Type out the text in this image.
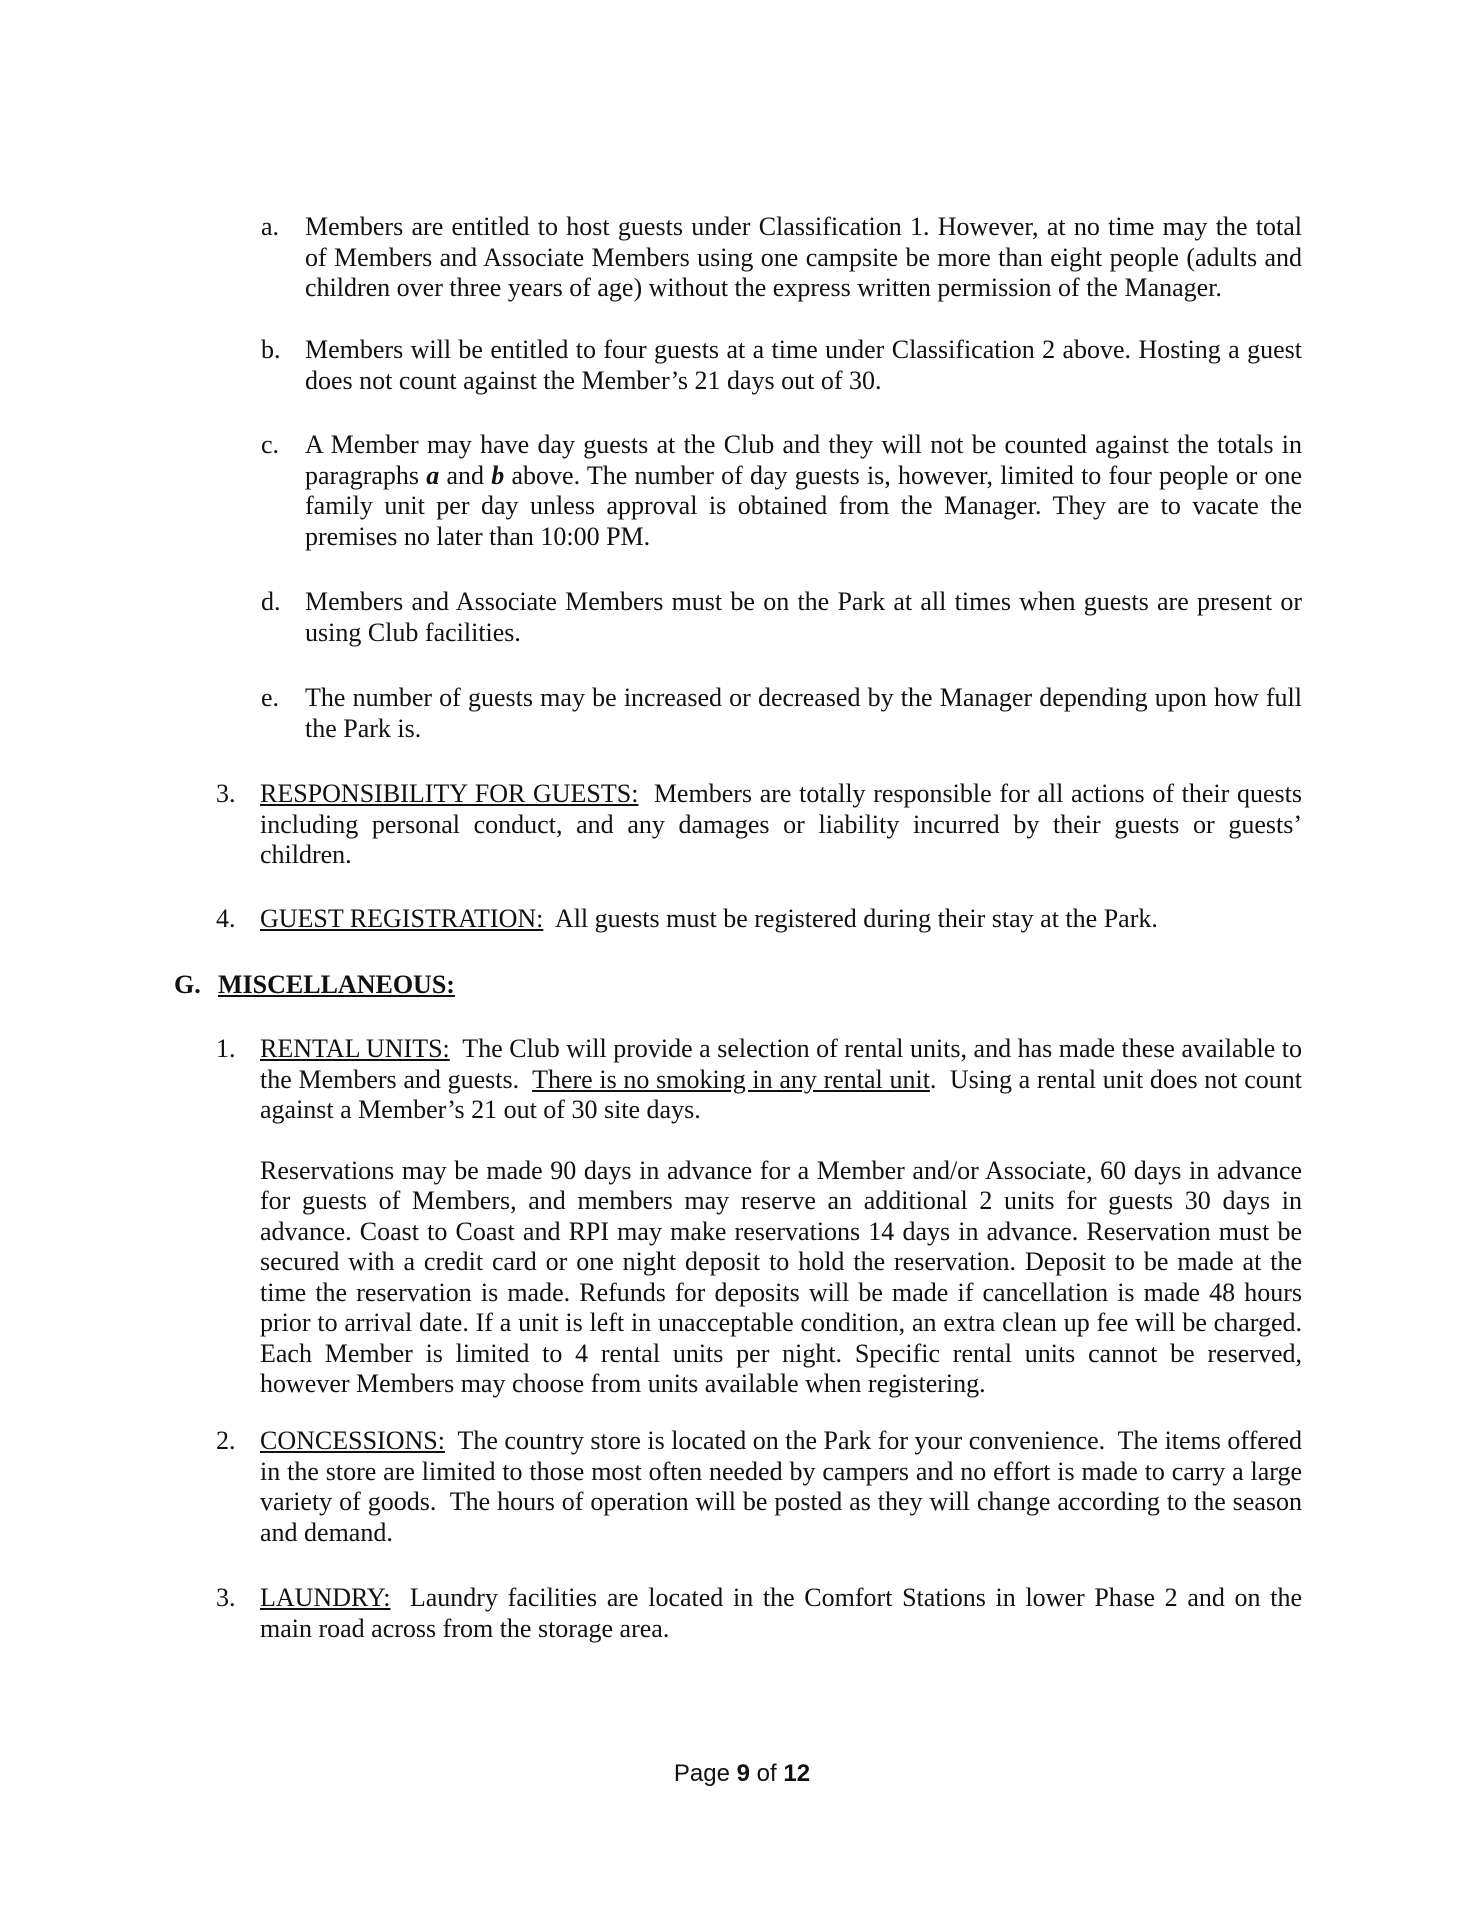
a. Members are entitled to host guests under Classification 1. However, at no time may the total of Members and Associate Members using one campsite be more than eight people (adults and children over three years of age) without the express written permission of the Manager.

b. Members will be entitled to four guests at a time under Classification 2 above. Hosting a guest does not count against the Member’s 21 days out of 30.

c. A Member may have day guests at the Club and they will not be counted against the totals in paragraphs a and b above. The number of day guests is, however, limited to four people or one family unit per day unless approval is obtained from the Manager. They are to vacate the premises no later than 10:00 PM.

d. Members and Associate Members must be on the Park at all times when guests are present or using Club facilities.

e. The number of guests may be increased or decreased by the Manager depending upon how full the Park is.

3. RESPONSIBILITY FOR GUESTS:  Members are totally responsible for all actions of their quests including personal conduct, and any damages or liability incurred by their guests or guests’ children.

4. GUEST REGISTRATION:  All guests must be registered during their stay at the Park.

G. MISCELLANEOUS:
1. RENTAL UNITS:  The Club will provide a selection of rental units, and has made these available to the Members and guests.  There is no smoking in any rental unit.  Using a rental unit does not count against a Member’s 21 out of 30 site days.

Reservations may be made 90 days in advance for a Member and/or Associate, 60 days in advance for guests of Members, and members may reserve an additional 2 units for guests 30 days in advance. Coast to Coast and RPI may make reservations 14 days in advance. Reservation must be secured with a credit card or one night deposit to hold the reservation. Deposit to be made at the time the reservation is made. Refunds for deposits will be made if cancellation is made 48 hours prior to arrival date. If a unit is left in unacceptable condition, an extra clean up fee will be charged. Each Member is limited to 4 rental units per night. Specific rental units cannot be reserved, however Members may choose from units available when registering.

2. CONCESSIONS:  The country store is located on the Park for your convenience.  The items offered in the store are limited to those most often needed by campers and no effort is made to carry a large variety of goods.  The hours of operation will be posted as they will change according to the season and demand.

3. LAUNDRY:  Laundry facilities are located in the Comfort Stations in lower Phase 2 and on the main road across from the storage area.

Page 9 of 12
